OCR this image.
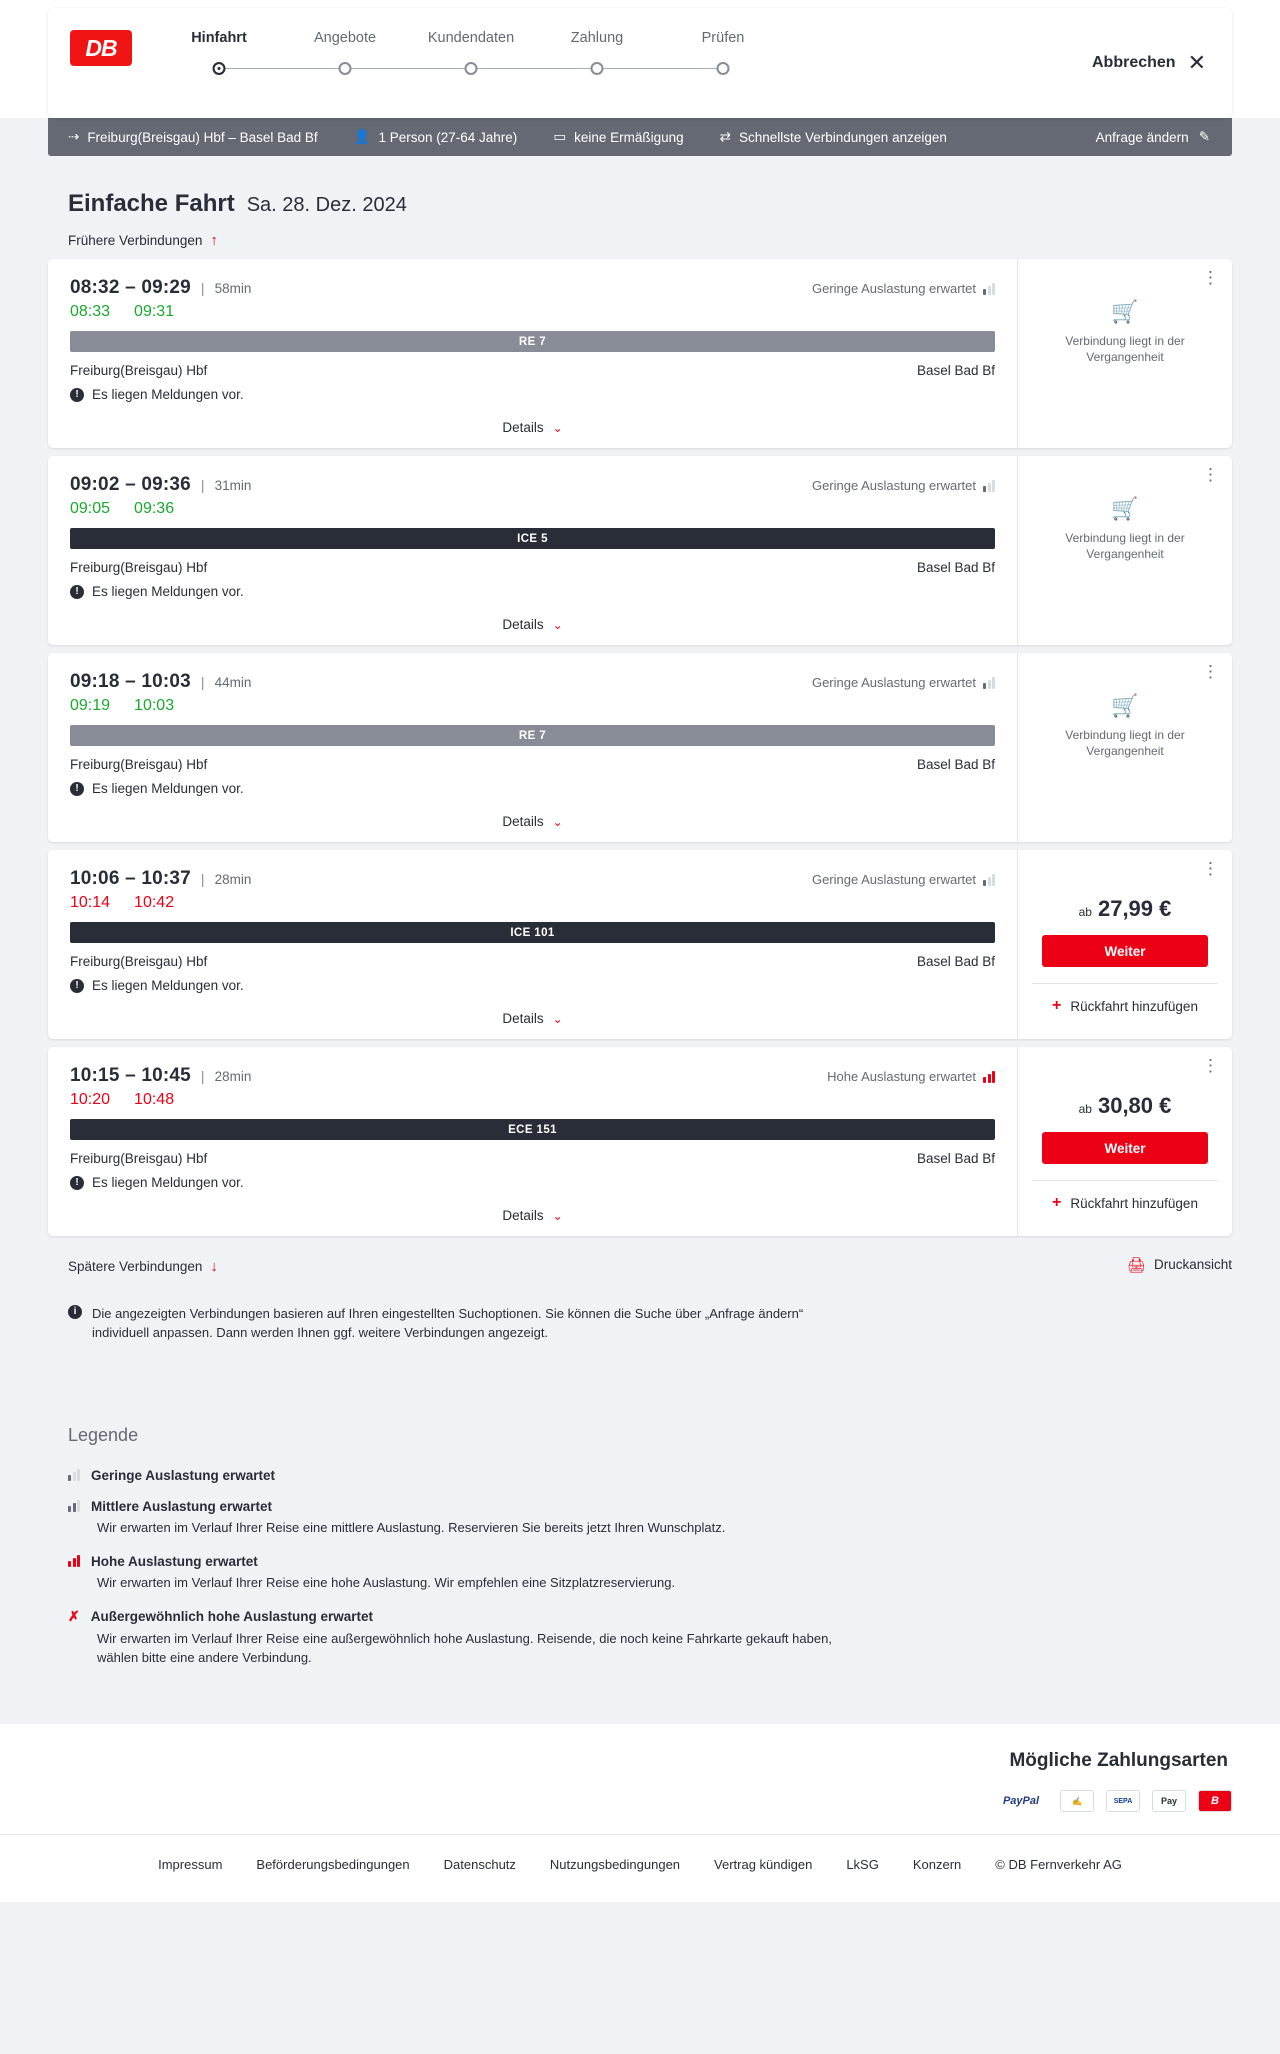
DB	Hinfahrt	Angebote	Kundendaten	Zahlung	Prüfen
Abbrechen ✕
⇢ Freiburg(Breisgau) Hbf – Basel Bad Bf	👤 1 Person (27-64 Jahre)	▭ keine Ermäßigung	⇄ Schnellste Verbindungen anzeigen	Anfrage ändern ✎
Einfache Fahrt Sa. 28. Dez. 2024
Frühere Verbindungen ↑
08:32 – 09:29 | 58min	Geringe Auslastung erwartet
08:33 09:31
RE 7
Freiburg(Breisgau) Hbf	Basel Bad Bf
! Es liegen Meldungen vor.
Details ⌄
⋮
🛒
Verbindung liegt in der Vergangenheit
09:02 – 09:36 | 31min	Geringe Auslastung erwartet
09:05 09:36
ICE 5
Freiburg(Breisgau) Hbf	Basel Bad Bf
! Es liegen Meldungen vor.
Details ⌄
⋮
🛒
Verbindung liegt in der Vergangenheit
09:18 – 10:03 | 44min	Geringe Auslastung erwartet
09:19 10:03
RE 7
Freiburg(Breisgau) Hbf	Basel Bad Bf
! Es liegen Meldungen vor.
Details ⌄
⋮
🛒
Verbindung liegt in der Vergangenheit
10:06 – 10:37 | 28min	Geringe Auslastung erwartet
10:14 10:42
ICE 101
Freiburg(Breisgau) Hbf	Basel Bad Bf
! Es liegen Meldungen vor.
Details ⌄
⋮
ab 27,99 €
Weiter
+ Rückfahrt hinzufügen
10:15 – 10:45 | 28min	Hohe Auslastung erwartet
10:20 10:48
ECE 151
Freiburg(Breisgau) Hbf	Basel Bad Bf
! Es liegen Meldungen vor.
Details ⌄
⋮
ab 30,80 €
Weiter
+ Rückfahrt hinzufügen
Spätere Verbindungen ↓	🖨 Druckansicht
i	Die angezeigten Verbindungen basieren auf Ihren eingestellten Suchoptionen. Sie können die Suche über „Anfrage ändern“ individuell anpassen. Dann werden Ihnen ggf. weitere Verbindungen angezeigt.
Legende
Geringe Auslastung erwartet
Mittlere Auslastung erwartet
Wir erwarten im Verlauf Ihrer Reise eine mittlere Auslastung. Reservieren Sie bereits jetzt Ihren Wunschplatz.
Hohe Auslastung erwartet
Wir erwarten im Verlauf Ihrer Reise eine hohe Auslastung. Wir empfehlen eine Sitzplatzreservierung.
✗ Außergewöhnlich hohe Auslastung erwartet
Wir erwarten im Verlauf Ihrer Reise eine außergewöhnlich hohe Auslastung. Reisende, die noch keine Fahrkarte gekauft haben, wählen bitte eine andere Verbindung.
Mögliche Zahlungsarten
PayPal	✍	SEPA	Pay	B
Impressum	Beförderungsbedingungen	Datenschutz	Nutzungsbedingungen	Vertrag kündigen	LkSG	Konzern	© DB Fernverkehr AG
